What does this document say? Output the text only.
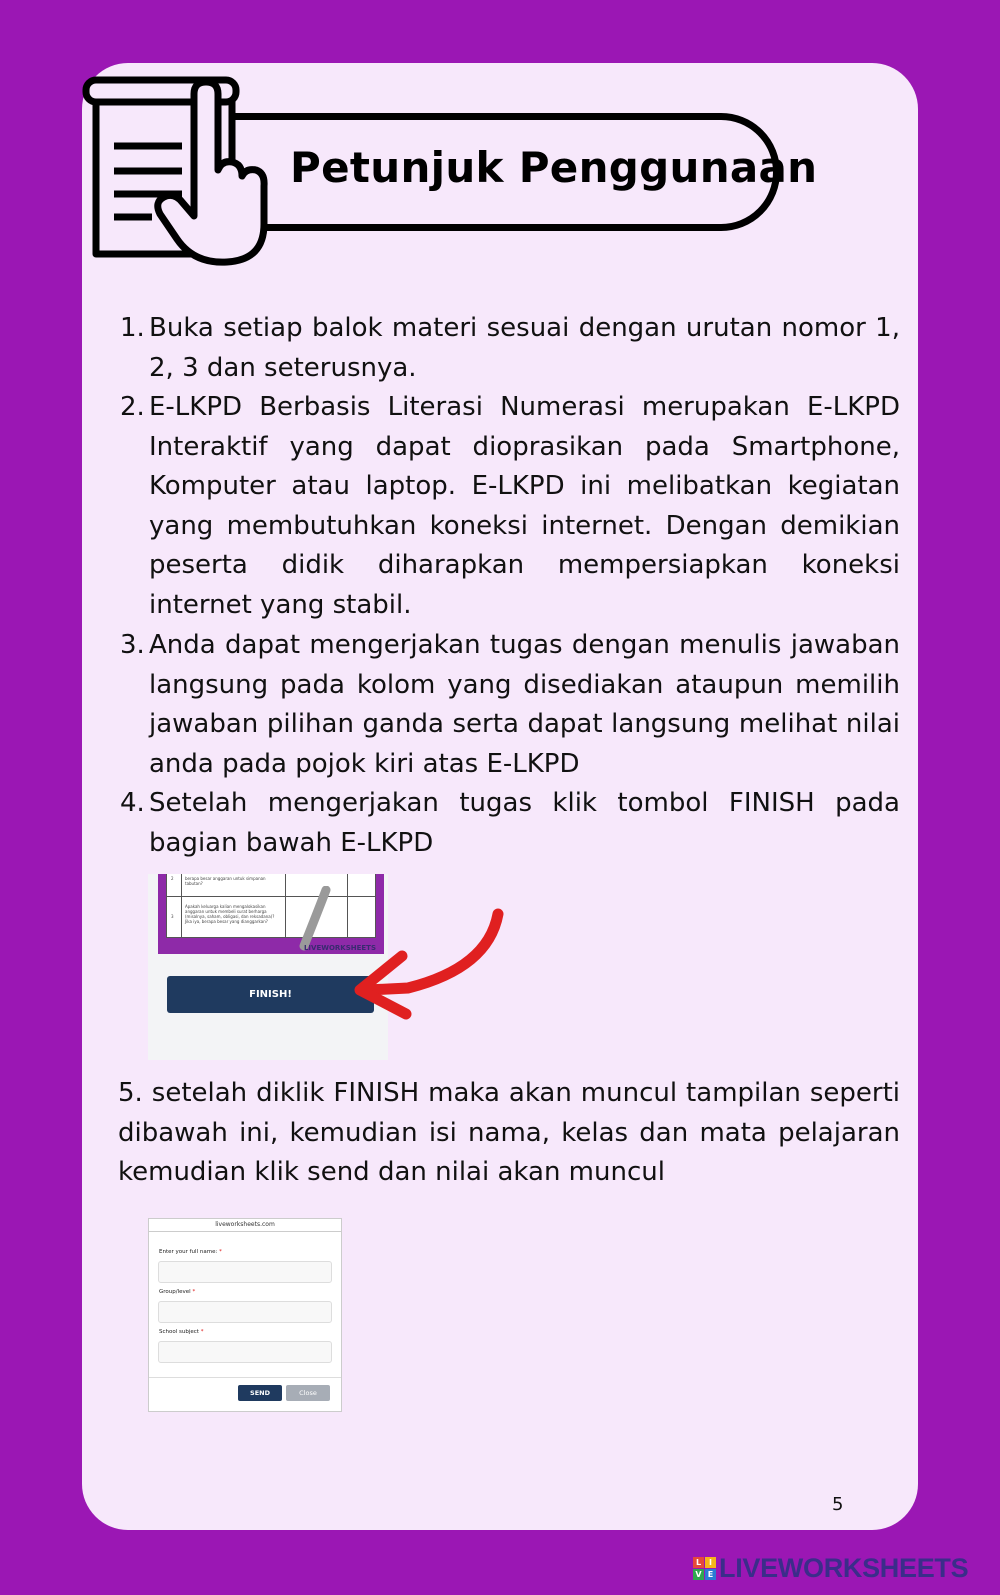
Petunjuk Penggunaan
1. Buka setiap balok materi sesuai dengan urutan nomor 1, 2, 3 dan seterusnya.
2. E-LKPD Berbasis Literasi Numerasi merupakan E-LKPD Interaktif yang dapat dioprasikan pada Smartphone, Komputer atau laptop. E-LKPD ini melibatkan kegiatan yang membutuhkan koneksi internet. Dengan demikian peserta didik diharapkan mempersiapkan koneksi internet yang stabil.
3. Anda dapat mengerjakan tugas dengan menulis jawaban langsung pada kolom yang disediakan ataupun memilih jawaban pilihan ganda serta dapat langsung melihat nilai anda pada pojok kiri atas E-LKPD
4. Setelah mengerjakan tugas klik tombol FINISH pada bagian bawah E-LKPD
2	berapa besar anggaran untuk simpanan tabutan?
3
Apakah keluarga kalian mengalokasikan anggaran untuk membeli surat berharga (misalnya, saham, obligasi, dan reksadana)? Jika iya, berapa besar yang dianggarkan?
LIVEWORKSHEETS
FINISH!
5. setelah diklik FINISH maka akan muncul tampilan seperti dibawah ini, kemudian isi nama, kelas dan mata pelajaran kemudian klik send dan nilai akan muncul
liveworksheets.com
Enter your full name: *
Group/level *
School subject *
SEND	Close
5
L I
V E LIVEWORKSHEETS
